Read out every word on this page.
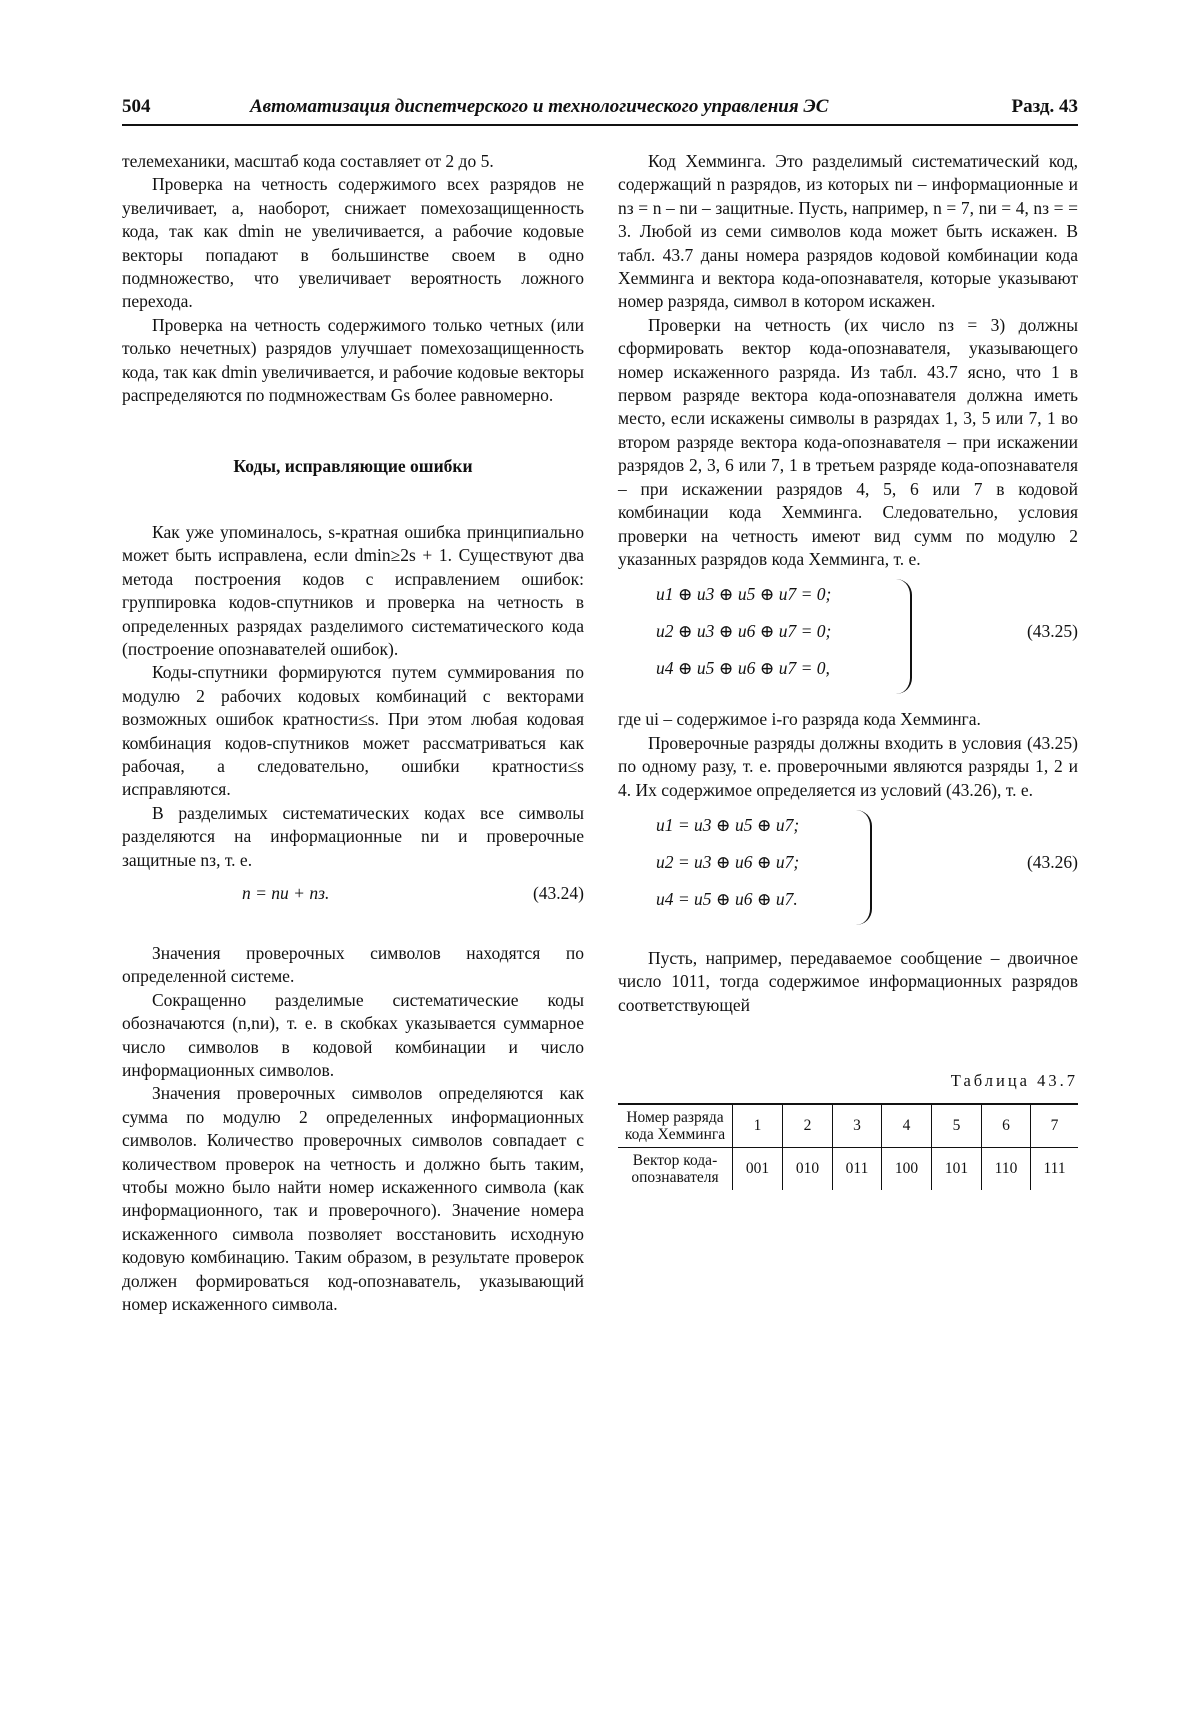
504	Автоматизация диспетчерского и технологического управления ЭС	Разд. 43

телемеханики, масштаб кода составляет от 2 до 5.

Проверка на четность содержимого всех разрядов не увеличивает, а, наоборот, снижает помехозащищенность кода, так как dmin не увеличивается, а рабочие кодовые векторы попадают в большинстве своем в одно подмножество, что увеличивает вероятность ложного перехода.

Проверка на четность содержимого только четных (или только нечетных) разрядов улучшает помехозащищенность кода, так как dmin увеличивается, и рабочие кодовые векторы распределяются по подмножествам Gs более равномерно.

Коды, исправляющие ошибки

Как уже упоминалось, s-кратная ошибка принципиально может быть исправлена, если dmin≥2s + 1. Существуют два метода построения кодов с исправлением ошибок: группировка кодов-спутников и проверка на четность в определенных разрядах разделимого систематического кода (построение опознавателей ошибок).

Коды-спутники формируются путем суммирования по модулю 2 рабочих кодовых комбинаций с векторами возможных ошибок кратности≤s. При этом любая кодовая комбинация кодов-спутников может рассматриваться как рабочая, а следовательно, ошибки кратности≤s исправляются.

В разделимых систематических кодах все символы разделяются на информационные nи и проверочные защитные nз, т. е.

n = nи + nз.	(43.24)

Значения проверочных символов находятся по определенной системе.

Сокращенно разделимые систематические коды обозначаются (n,nи), т. е. в скобках указывается суммарное число символов в кодовой комбинации и число информационных символов.

Значения проверочных символов определяются как сумма по модулю 2 определенных информационных символов. Количество проверочных символов совпадает с количеством проверок на четность и должно быть таким, чтобы можно было найти номер искаженного символа (как информационного, так и проверочного). Значение номера искаженного символа позволяет восстановить исходную кодовую комбинацию. Таким образом, в результате проверок должен формироваться код-опознаватель, указывающий номер искаженного символа.

Код Хемминга. Это разделимый систематический код, содержащий n разрядов, из которых nи – информационные и nз = n – nи – защитные. Пусть, например, n = 7, nи = 4, nз = = 3. Любой из семи символов кода может быть искажен. В табл. 43.7 даны номера разрядов кодовой комбинации кода Хемминга и вектора кода-опознавателя, которые указывают номер разряда, символ в котором искажен.

Проверки на четность (их число nз = 3) должны сформировать вектор кода-опознавателя, указывающего номер искаженного разряда. Из табл. 43.7 ясно, что 1 в первом разряде вектора кода-опознавателя должна иметь место, если искажены символы в разрядах 1, 3, 5 или 7, 1 во втором разряде вектора кода-опознавателя – при искажении разрядов 2, 3, 6 или 7, 1 в третьем разряде кода-опознавателя – при искажении разрядов 4, 5, 6 или 7 в кодовой комбинации кода Хемминга. Следовательно, условия проверки на четность имеют вид сумм по модулю 2 указанных разрядов кода Хемминга, т. е.

u1 ⊕ u3 ⊕ u5 ⊕ u7 = 0;
u2 ⊕ u3 ⊕ u6 ⊕ u7 = 0;
u4 ⊕ u5 ⊕ u6 ⊕ u7 = 0,
(43.25)

где ui – содержимое i-го разряда кода Хемминга.

Проверочные разряды должны входить в условия (43.25) по одному разу, т. е. проверочными являются разряды 1, 2 и 4. Их содержимое определяется из условий (43.26), т. е.

u1 = u3 ⊕ u5 ⊕ u7;
u2 = u3 ⊕ u6 ⊕ u7;
u4 = u5 ⊕ u6 ⊕ u7.
(43.26)

Пусть, например, передаваемое сообщение – двоичное число 1011, тогда содержимое информационных разрядов соответствующей

Таблица 43.7
Номер разряда кода Хемминга	1	2	3	4	5	6	7
Вектор кода-опознавателя	001	010	011	100	101	110	111
